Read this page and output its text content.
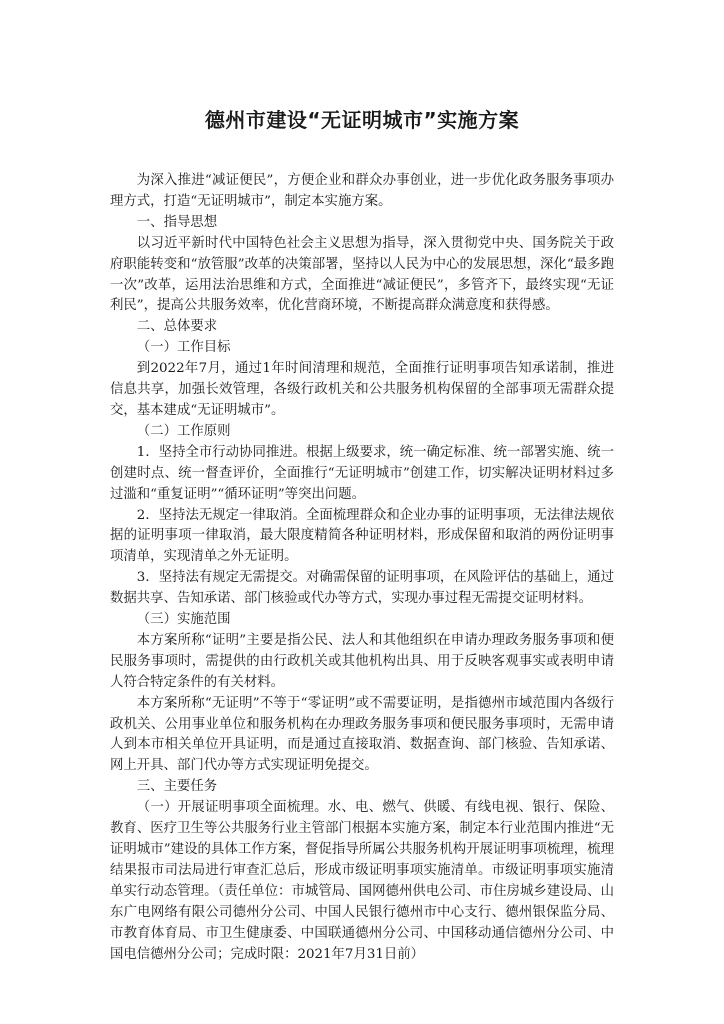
德州市建设“无证明城市”实施方案

为深入推进“减证便民”，方便企业和群众办事创业，进一步优化政务服务事项办理方式，打造“无证明城市”，制定本实施方案。

一、指导思想

以习近平新时代中国特色社会主义思想为指导，深入贯彻党中央、国务院关于政府职能转变和“放管服”改革的决策部署，坚持以人民为中心的发展思想，深化“最多跑一次”改革，运用法治思维和方式，全面推进“减证便民”，多管齐下，最终实现“无证利民”，提高公共服务效率，优化营商环境，不断提高群众满意度和获得感。

二、总体要求

（一）工作目标

到2022年7月，通过1年时间清理和规范，全面推行证明事项告知承诺制，推进信息共享，加强长效管理，各级行政机关和公共服务机构保留的全部事项无需群众提交，基本建成“无证明城市”。

（二）工作原则

1．坚持全市行动协同推进。根据上级要求，统一确定标准、统一部署实施、统一创建时点、统一督查评价，全面推行“无证明城市”创建工作，切实解决证明材料过多过滥和“重复证明”“循环证明”等突出问题。

2．坚持法无规定一律取消。全面梳理群众和企业办事的证明事项，无法律法规依据的证明事项一律取消，最大限度精简各种证明材料，形成保留和取消的两份证明事项清单，实现清单之外无证明。

3．坚持法有规定无需提交。对确需保留的证明事项，在风险评估的基础上，通过数据共享、告知承诺、部门核验或代办等方式，实现办事过程无需提交证明材料。

（三）实施范围

本方案所称“证明”主要是指公民、法人和其他组织在申请办理政务服务事项和便民服务事项时，需提供的由行政机关或其他机构出具、用于反映客观事实或表明申请人符合特定条件的有关材料。

本方案所称“无证明”不等于“零证明”或不需要证明，是指德州市域范围内各级行政机关、公用事业单位和服务机构在办理政务服务事项和便民服务事项时，无需申请人到本市相关单位开具证明，而是通过直接取消、数据查询、部门核验、告知承诺、网上开具、部门代办等方式实现证明免提交。

三、主要任务

（一）开展证明事项全面梳理。水、电、燃气、供暖、有线电视、银行、保险、教育、医疗卫生等公共服务行业主管部门根据本实施方案，制定本行业范围内推进“无证明城市”建设的具体工作方案，督促指导所属公共服务机构开展证明事项梳理，梳理结果报市司法局进行审查汇总后，形成市级证明事项实施清单。市级证明事项实施清单实行动态管理。（责任单位：市城管局、国网德州供电公司、市住房城乡建设局、山东广电网络有限公司德州分公司、中国人民银行德州市中心支行、德州银保监分局、市教育体育局、市卫生健康委、中国联通德州分公司、中国移动通信德州分公司、中国电信德州分公司；完成时限：2021年7月31日前）
